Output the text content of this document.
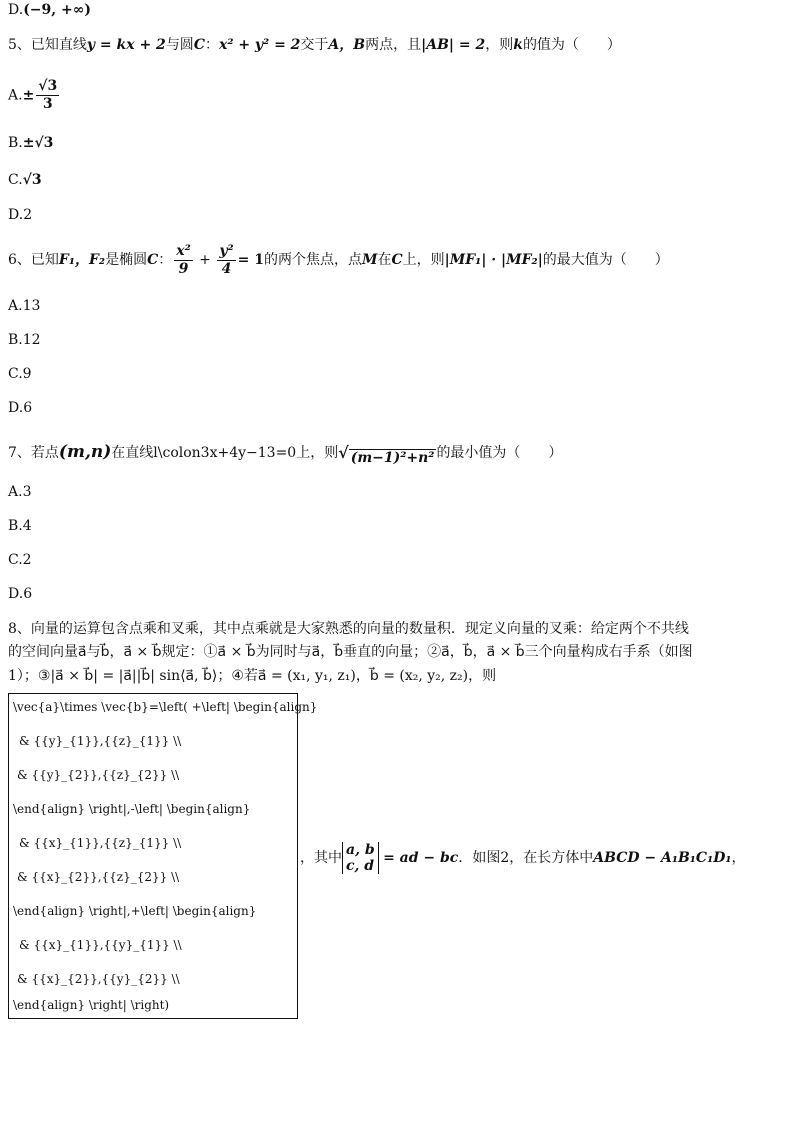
D.(−9, +∞)
5、已知直线y = kx + 2与圆C：x² + y² = 2交于A，B两点，且|AB| = 2，则k的值为（　　）
$A.\pm \frac{√3}{3}$
B.±√3
C.√3
D.2
6、已知F₁，F₂是椭圆C： $\frac{\text{x²}}{9} + \frac{\text{y²}}{4} = 1$的两个焦点，点M在C上，则|MF₁| · |MF₂|的最大值为（　　）
A.13
B.12
C.9
D.6
7、若点(m,n)在直线l\colon3x+4y−13=0上，则 √ (m−1)²+n² 的最小值为（　　）
A.3
B.4
C.2
D.6
8、向量的运算包含点乘和叉乘，其中点乘就是大家熟悉的向量的数量积．现定义向量的叉乘：给定两个不共线
的空间向量a⃗与b⃗，a⃗ × b⃗规定：①a⃗ × b⃗为同时与a⃗，b⃗垂直的向量；②a⃗，b⃗，a⃗ × b⃗三个向量构成右手系（如图
1）；③|a⃗ × b⃗| = |a⃗||b⃗| sin⟨a⃗, b⃗⟩；④若a⃗ = (x₁, y₁, z₁)，b⃗ = (x₂, y₂, z₂)，则
\vec{a}\times \vec{b}=\left( +\left| \begin{align}
& {{y}_{1}},{{z}_{1}} \\
& {{y}_{2}},{{z}_{2}} \\
\end{align} \right|,-\left| \begin{align}
& {{x}_{1}},{{z}_{1}} \\
& {{x}_{2}},{{z}_{2}} \\
\end{align} \right|,+\left| \begin{align}
& {{x}_{1}},{{y}_{1}} \\
& {{x}_{2}},{{y}_{2}} \\
\end{align} \right| \right)
，其中 a, b
c, d = ad − bc．如图2，在长方体中ABCD − A₁B₁C₁D₁，
